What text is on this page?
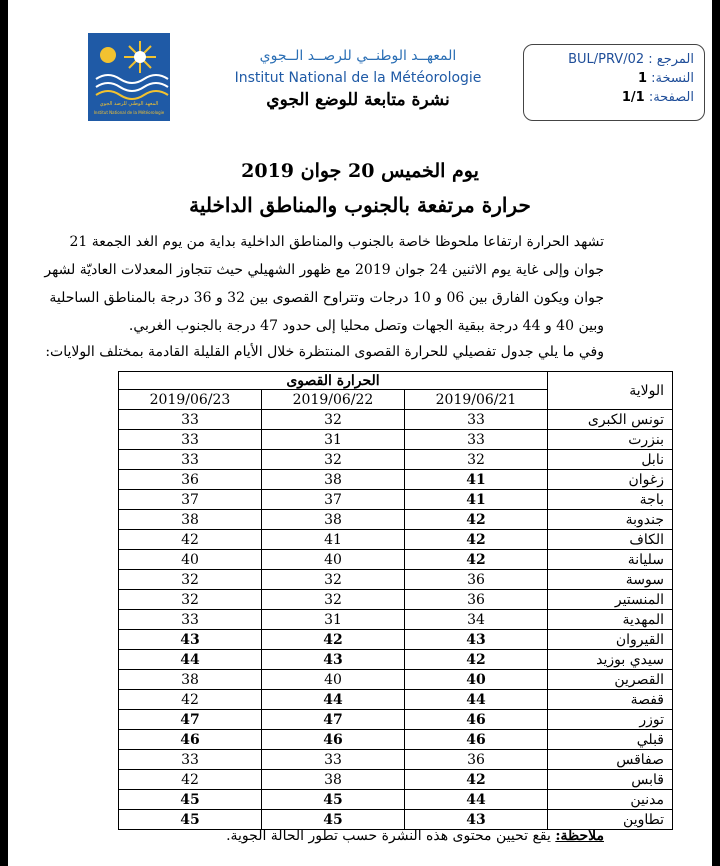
المعهد الوطني للرصد الجوي
Institut National de la Météorologie
المعهــد الوطنــي للرصــد الــجوي
Institut National de la Météorologie
نشرة متابعة للوضع الجوي
المرجع : BUL/PRV/02
النسخة: 1
الصفحة: 1/1
يوم الخميس 20 جوان 2019
حرارة مرتفعة بالجنوب والمناطق الداخلية
تشهد الحرارة ارتفاعا ملحوظا خاصة بالجنوب والمناطق الداخلية بداية من يوم الغد الجمعة 21
جوان وإلى غاية يوم الاثنين 24 جوان 2019 مع ظهور الشهيلي حيث تتجاوز المعدلات العاديّة لشهر
جوان ويكون الفارق بين 06 و 10 درجات وتتراوح القصوى بين 32 و 36 درجة بالمناطق الساحلية
وبين 40 و 44 درجة ببقية الجهات وتصل محليا إلى حدود 47 درجة بالجنوب الغربي.
وفي ما يلي جدول تفصيلي للحرارة القصوى المنتظرة خلال الأيام القليلة القادمة بمختلف الولايات:
الحرارة القصوى			الولاية
2019/06/23	2019/06/22	2019/06/21	
33	32	33	تونس الكبرى
33	31	33	بنزرت
33	32	32	نابل
36	38	41	زغوان
37	37	41	باجة
38	38	42	جندوبة
42	41	42	الكاف
40	40	42	سليانة
32	32	36	سوسة
32	32	36	المنستير
33	31	34	المهدية
43	42	43	القيروان
44	43	42	سيدي بوزيد
38	40	40	القصرين
42	44	44	قفصة
47	47	46	توزر
46	46	46	قبلي
33	33	36	صفاقس
42	38	42	قابس
45	45	44	مدنين
45	45	43	تطاوين
ملاحظة: يقع تحيين محتوى هذه النشرة حسب تطور الحالة الجوية.
